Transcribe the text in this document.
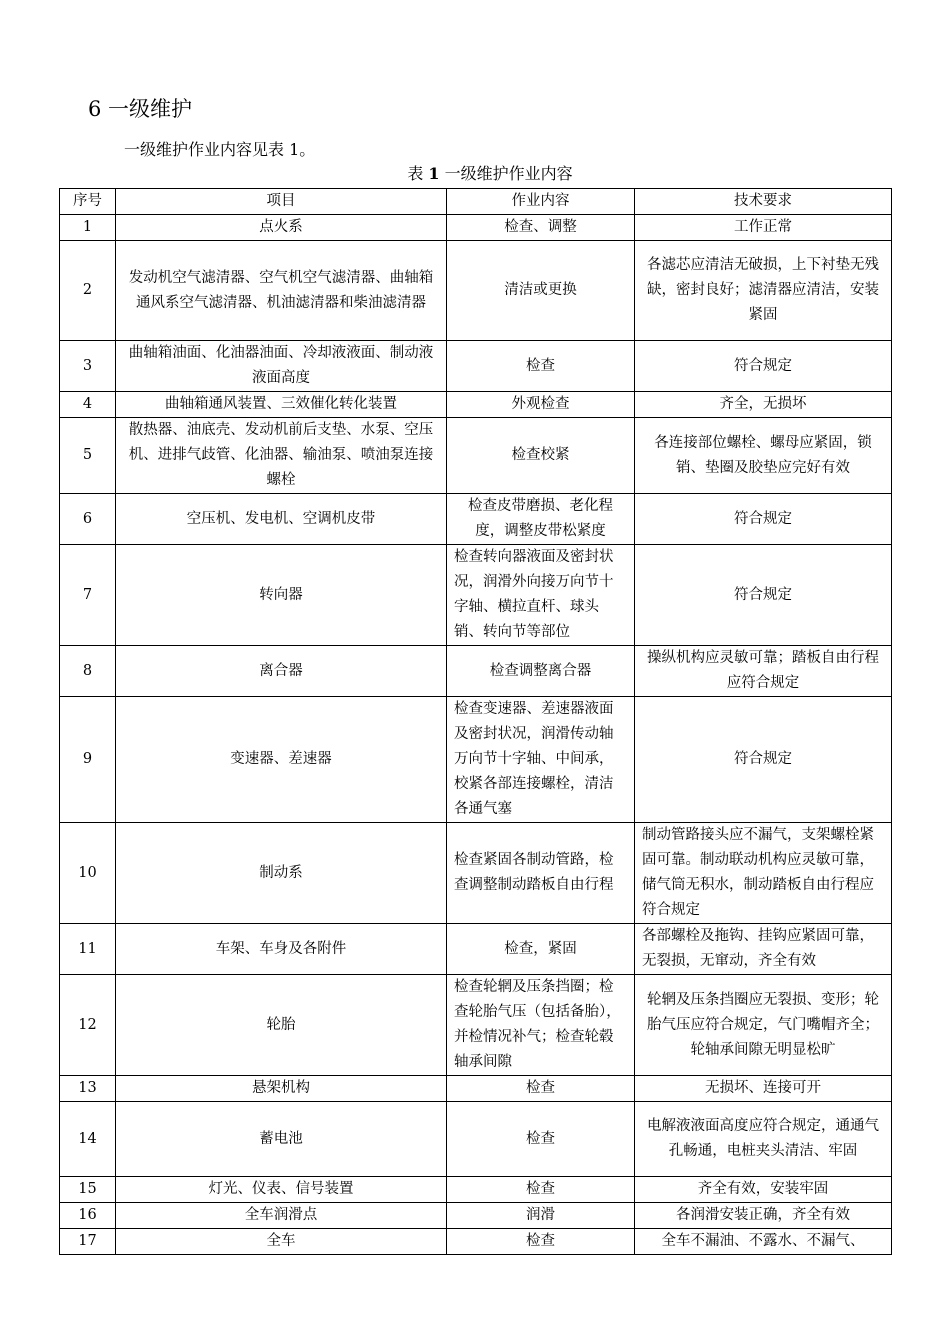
6 一级维护
一级维护作业内容见表 1。
表 1 一级维护作业内容
序号	项目	作业内容	技术要求
1	点火系	检查、调整	工作正常
2	发动机空气滤清器、空气机空气滤清器、曲轴箱通风系空气滤清器、机油滤清器和柴油滤清器	清洁或更换	各滤芯应清洁无破损，上下衬垫无残缺，密封良好；滤清器应清洁，安装紧固
3	曲轴箱油面、化油器油面、冷却液液面、制动液液面高度	检查	符合规定
4	曲轴箱通风装置、三效催化转化装置	外观检查	齐全，无损坏
5	散热器、油底壳、发动机前后支垫、水泵、空压机、进排气歧管、化油器、输油泵、喷油泵连接螺栓	检查校紧	各连接部位螺栓、螺母应紧固，锁销、垫圈及胶垫应完好有效
6	空压机、发电机、空调机皮带	检查皮带磨损、老化程度，调整皮带松紧度	符合规定
7	转向器	检查转向器液面及密封状况，润滑外向接万向节十字轴、横拉直杆、球头销、转向节等部位	符合规定
8	离合器	检查调整离合器	操纵机构应灵敏可靠；踏板自由行程应符合规定
9	变速器、差速器	检查变速器、差速器液面及密封状况，润滑传动轴万向节十字轴、中间承，校紧各部连接螺栓，清洁各通气塞	符合规定
10	制动系	检查紧固各制动管路，检查调整制动踏板自由行程	制动管路接头应不漏气，支架螺栓紧固可靠。制动联动机构应灵敏可靠，储气筒无积水，制动踏板自由行程应符合规定
11	车架、车身及各附件	检查，紧固	各部螺栓及拖钩、挂钩应紧固可靠，无裂损，无窜动，齐全有效
12	轮胎	检查轮辋及压条挡圈；检查轮胎气压（包括备胎），并检情况补气；检查轮毂轴承间隙	轮辋及压条挡圈应无裂损、变形；轮胎气压应符合规定，气门嘴帽齐全；轮轴承间隙无明显松旷
13	悬架机构	检查	无损坏、连接可开
14	蓄电池	检查	电解液液面高度应符合规定，通通气孔畅通，电桩夹头清洁、牢固
15	灯光、仪表、信号装置	检查	齐全有效，安装牢固
16	全车润滑点	润滑	各润滑安装正确，齐全有效
17	全车	检查	全车不漏油、不露水、不漏气、
